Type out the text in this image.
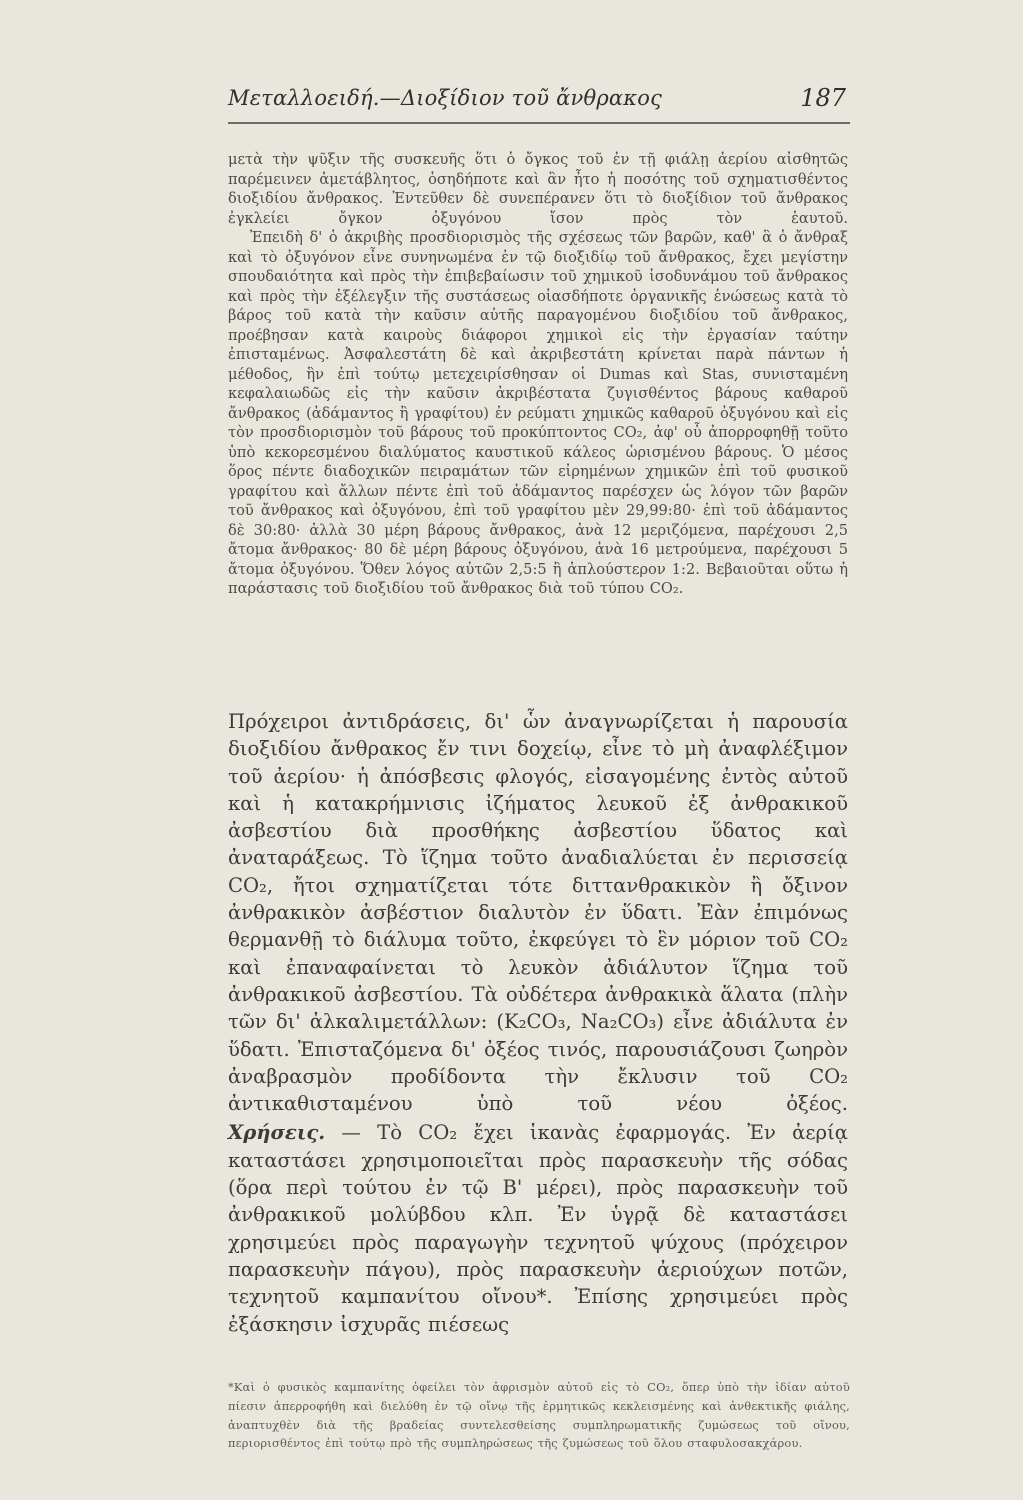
Μεταλλοειδή.—Διοξίδιον τοῦ ἄνθρακος	187

μετὰ τὴν ψῦξιν τῆς συσκευῆς ὅτι ὁ ὄγκος τοῦ ἐν τῇ φιάλῃ ἀερίου αἰσθητῶς παρέμεινεν ἀμετάβλητος, ὁσηδήποτε καὶ ἂν ἦτο ἡ ποσότης τοῦ σχηματισθέντος διοξιδίου ἄνθρακος. Ἐντεῦθεν δὲ συνεπέρανεν ὅτι τὸ διοξίδιον τοῦ ἄνθρακος ἐγκλείει ὄγκον ὀξυγόνου ἴσον πρὸς τὸν ἑαυτοῦ.

Ἐπειδὴ δ' ὁ ἀκριβὴς προσδιορισμὸς τῆς σχέσεως τῶν βαρῶν, καθ' ἃ ὁ ἄνθραξ καὶ τὸ ὀξυγόνον εἶνε συνηνωμένα ἐν τῷ διοξιδίῳ τοῦ ἄνθρακος, ἔχει μεγίστην σπουδαιότητα καὶ πρὸς τὴν ἐπιβεβαίωσιν τοῦ χημικοῦ ἰσοδυνάμου τοῦ ἄνθρακος καὶ πρὸς τὴν ἐξέλεγξιν τῆς συστάσεως οἱασδήποτε ὀργανικῆς ἑνώσεως κατὰ τὸ βάρος τοῦ κατὰ τὴν καῦσιν αὐτῆς παραγομένου διοξιδίου τοῦ ἄνθρακος, προέβησαν κατὰ καιροὺς διάφοροι χημικοὶ εἰς τὴν ἐργασίαν ταύτην ἐπισταμένως. Ἀσφαλεστάτη δὲ καὶ ἀκριβεστάτη κρίνεται παρὰ πάντων ἡ μέθοδος, ἣν ἐπὶ τούτῳ μετεχειρίσθησαν οἱ Dumas καὶ Stas, συνισταμένη κεφαλαιωδῶς εἰς τὴν καῦσιν ἀκριβέστατα ζυγισθέντος βάρους καθαροῦ ἄνθρακος (ἀδάμαντος ἢ γραφίτου) ἐν ρεύματι χημικῶς καθαροῦ ὀξυγόνου καὶ εἰς τὸν προσδιορισμὸν τοῦ βάρους τοῦ προκύπτοντος CO₂, ἀφ' οὗ ἀπορροφηθῇ τοῦτο ὑπὸ κεκορεσμένου διαλύματος καυστικοῦ κάλεος ὡρισμένου βάρους. Ὁ μέσος ὅρος πέντε διαδοχικῶν πειραμάτων τῶν εἰρημένων χημικῶν ἐπὶ τοῦ φυσικοῦ γραφίτου καὶ ἄλλων πέντε ἐπὶ τοῦ ἀδάμαντος παρέσχεν ὡς λόγον τῶν βαρῶν τοῦ ἄνθρακος καὶ ὀξυγόνου, ἐπὶ τοῦ γραφίτου μὲν 29,99:80· ἐπὶ τοῦ ἀδάμαντος δὲ 30:80· ἀλλὰ 30 μέρη βάρους ἄνθρακος, ἀνὰ 12 μεριζόμενα, παρέχουσι 2,5 ἄτομα ἄνθρακος· 80 δὲ μέρη βάρους ὀξυγόνου, ἀνὰ 16 μετρούμενα, παρέχουσι 5 ἄτομα ὀξυγόνου. Ὅθεν λόγος αὐτῶν 2,5:5 ἢ ἁπλούστερον 1:2. Βεβαιοῦται οὕτω ἡ παράστασις τοῦ διοξιδίου τοῦ ἄνθρακος διὰ τοῦ τύπου CO₂.

Πρόχειροι ἀντιδράσεις, δι' ὧν ἀναγνωρίζεται ἡ παρουσία διοξιδίου ἄνθρακος ἔν τινι δοχείῳ, εἶνε τὸ μὴ ἀναφλέξιμον τοῦ ἀερίου· ἡ ἀπόσβεσις φλογός, εἰσαγομένης ἐντὸς αὐτοῦ καὶ ἡ κατακρήμνισις ἰζήματος λευκοῦ ἐξ ἀνθρακικοῦ ἀσβεστίου διὰ προσθήκης ἀσβεστίου ὕδατος καὶ ἀναταράξεως. Τὸ ἵζημα τοῦτο ἀναδιαλύεται ἐν περισσείᾳ CO₂, ἤτοι σχηματίζεται τότε διττανθρακικὸν ἢ ὄξινον ἀνθρακικὸν ἀσβέστιον διαλυτὸν ἐν ὕδατι. Ἐὰν ἐπιμόνως θερμανθῇ τὸ διάλυμα τοῦτο, ἐκφεύγει τὸ ἓν μόριον τοῦ CO₂ καὶ ἐπαναφαίνεται τὸ λευκὸν ἀδιάλυτον ἵζημα τοῦ ἀνθρακικοῦ ἀσβεστίου. Τὰ οὐδέτερα ἀνθρακικὰ ἅλατα (πλὴν τῶν δι' ἀλκαλιμετάλλων: (K₂CO₃, Na₂CO₃) εἶνε ἀδιάλυτα ἐν ὕδατι. Ἐπισταζόμενα δι' ὀξέος τινός, παρουσιάζουσι ζωηρὸν ἀναβρασμὸν προδίδοντα τὴν ἔκλυσιν τοῦ CO₂ ἀντικαθισταμένου ὑπὸ τοῦ νέου ὀξέος.

Χρήσεις. — Τὸ CO₂ ἔχει ἱκανὰς ἐφαρμογάς. Ἐν ἀερίᾳ καταστάσει χρησιμοποιεῖται πρὸς παρασκευὴν τῆς σόδας (ὅρα περὶ τούτου ἐν τῷ Β' μέρει), πρὸς παρασκευὴν τοῦ ἀνθρακικοῦ μολύβδου κλπ. Ἐν ὑγρᾷ δὲ καταστάσει χρησιμεύει πρὸς παραγωγὴν τεχνητοῦ ψύχους (πρόχειρον παρασκευὴν πάγου), πρὸς παρασκευὴν ἀεριούχων ποτῶν, τεχνητοῦ καμπανίτου οἴνου*. Ἐπίσης χρησιμεύει πρὸς ἐξάσκησιν ἰσχυρᾶς πιέσεως

*Καὶ ὁ φυσικὸς καμπανίτης ὀφείλει τὸν ἀφρισμὸν αὐτοῦ εἰς τὸ CO₂, ὅπερ ὑπὸ τὴν ἰδίαν αὐτοῦ πίεσιν ἀπερροφήθη καὶ διελύθη ἐν τῷ οἴνῳ τῆς ἑρμητικῶς κεκλεισμένης καὶ ἀνθεκτικῆς φιάλης, ἀναπτυχθὲν διὰ τῆς βραδείας συντελεσθείσης συμπληρωματικῆς ζυμώσεως τοῦ οἴνου, περιορισθέντος ἐπὶ τούτῳ πρὸ τῆς συμπληρώσεως τῆς ζυμώσεως τοῦ ὅλου σταφυλοσακχάρου.
